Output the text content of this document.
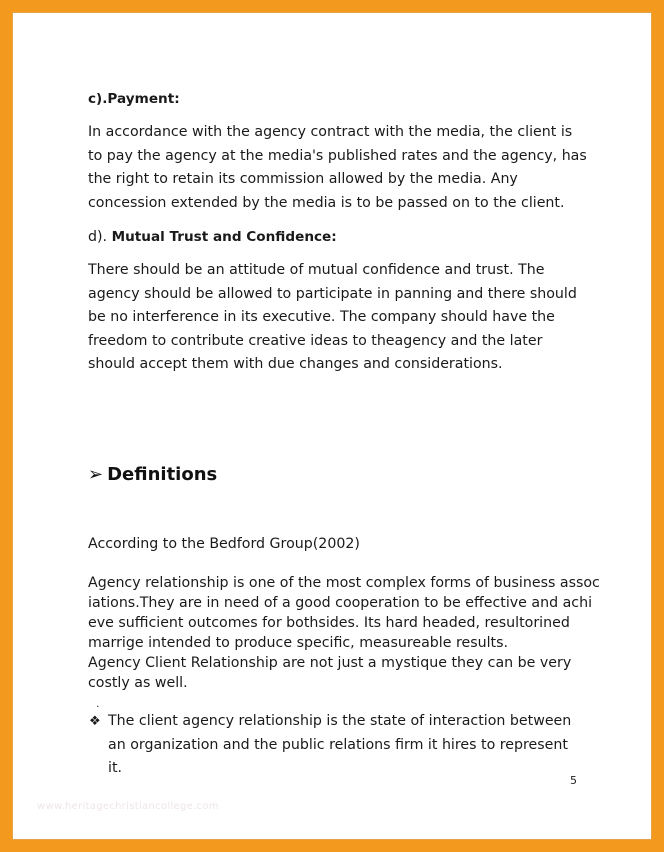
c).Payment:

In accordance with the agency contract with the media, the client is to pay the agency at the media's published rates and the agency, has the right to retain its commission allowed by the media. Any concession extended by the media is to be passed on to the client.

d). Mutual Trust and Confidence:

There should be an attitude of mutual confidence and trust. The agency should be allowed to participate in panning and there should be no interference in its executive. The company should have the freedom to contribute creative ideas to theagency and the later should accept them with due changes and considerations.

➢ Definitions

According to the Bedford Group(2002)

Agency relationship is one of the most complex forms of business assoc
iations.They are in need of a good cooperation to be effective and achi
eve sufficient outcomes for bothsides. Its hard headed, resultorined
marrige intended to produce specific, measureable results.
Agency Client Relationship are not just a mystique they can be very
costly as well.
.
❖ The client agency relationship is the state of interaction between an organization and the public relations firm it hires to represent it.
5
www.heritagechristiancollege.com
